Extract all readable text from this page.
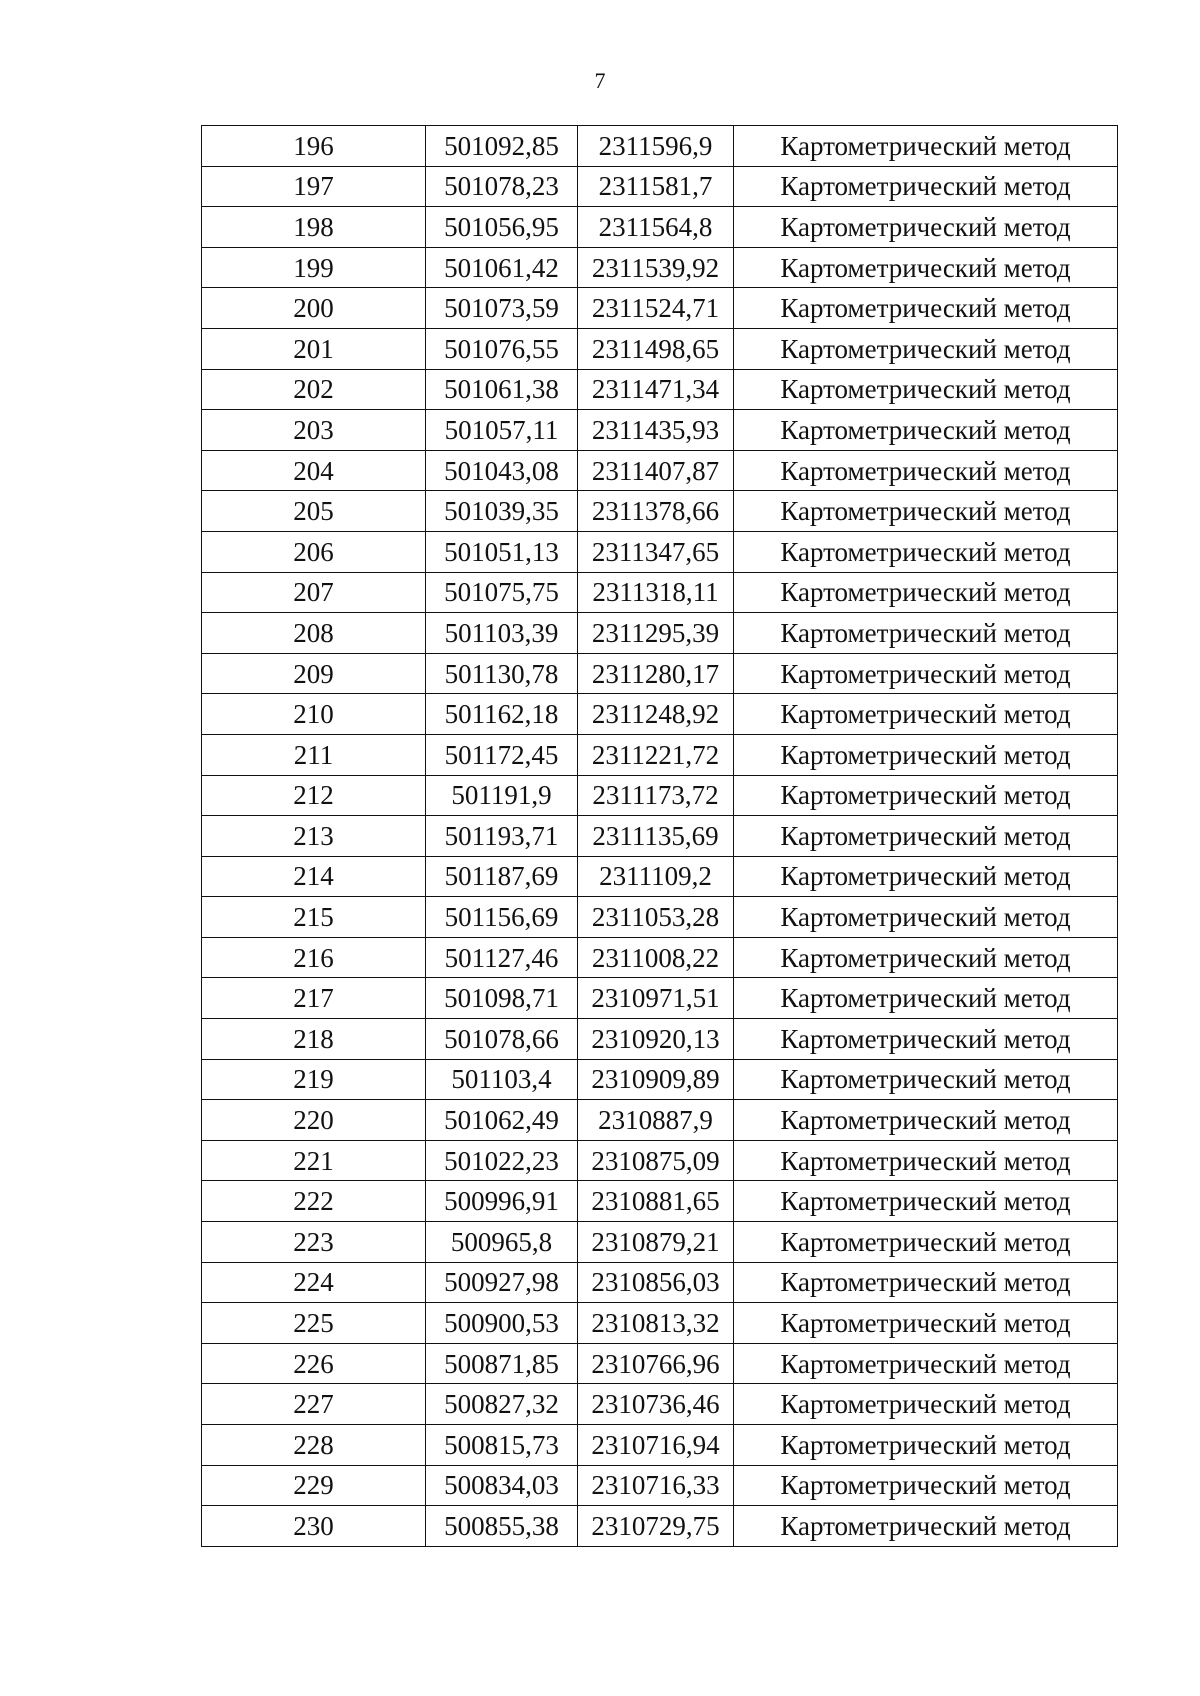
7
196	501092,85	2311596,9	Картометрический метод
197	501078,23	2311581,7	Картометрический метод
198	501056,95	2311564,8	Картометрический метод
199	501061,42	2311539,92	Картометрический метод
200	501073,59	2311524,71	Картометрический метод
201	501076,55	2311498,65	Картометрический метод
202	501061,38	2311471,34	Картометрический метод
203	501057,11	2311435,93	Картометрический метод
204	501043,08	2311407,87	Картометрический метод
205	501039,35	2311378,66	Картометрический метод
206	501051,13	2311347,65	Картометрический метод
207	501075,75	2311318,11	Картометрический метод
208	501103,39	2311295,39	Картометрический метод
209	501130,78	2311280,17	Картометрический метод
210	501162,18	2311248,92	Картометрический метод
211	501172,45	2311221,72	Картометрический метод
212	501191,9	2311173,72	Картометрический метод
213	501193,71	2311135,69	Картометрический метод
214	501187,69	2311109,2	Картометрический метод
215	501156,69	2311053,28	Картометрический метод
216	501127,46	2311008,22	Картометрический метод
217	501098,71	2310971,51	Картометрический метод
218	501078,66	2310920,13	Картометрический метод
219	501103,4	2310909,89	Картометрический метод
220	501062,49	2310887,9	Картометрический метод
221	501022,23	2310875,09	Картометрический метод
222	500996,91	2310881,65	Картометрический метод
223	500965,8	2310879,21	Картометрический метод
224	500927,98	2310856,03	Картометрический метод
225	500900,53	2310813,32	Картометрический метод
226	500871,85	2310766,96	Картометрический метод
227	500827,32	2310736,46	Картометрический метод
228	500815,73	2310716,94	Картометрический метод
229	500834,03	2310716,33	Картометрический метод
230	500855,38	2310729,75	Картометрический метод
